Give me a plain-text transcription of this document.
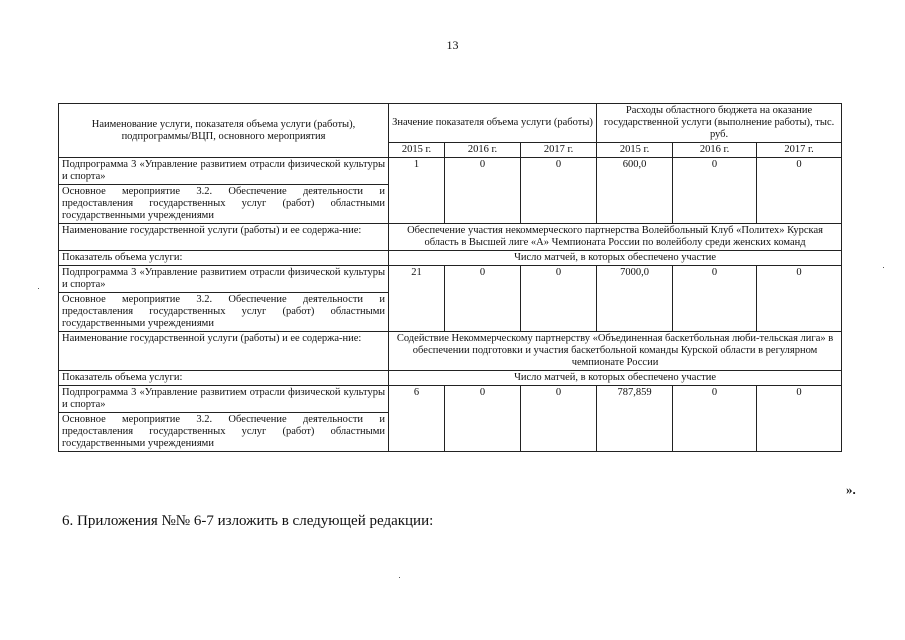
13
Наименование услуги, показателя объема услуги (работы), подпрограммы/ВЦП, основного мероприятия	Значение показателя объема услуги (работы)			Расходы областного бюджета на оказание государственной услуги (выполнение работы), тыс. руб.		
	2015 г.	2016 г.	2017 г.	2015 г.	2016 г.	2017 г.
Подпрограмма 3 «Управление развитием отрасли физической культуры и спорта»	1	0	0	600,0	0	0
Основное мероприятие 3.2. Обеспечение деятельности и предоставления государственных услуг (работ) областными государственными учреждениями						
Наименование государственной услуги (работы) и ее содержа-ние:	Обеспечение участия некоммерческого партнерства Волейбольный Клуб «Политех» Курская область в Высшей лиге «А» Чемпионата России по волейболу среди женских команд					
Показатель объема услуги:	Число матчей, в которых обеспечено участие					
Подпрограмма 3 «Управление развитием отрасли физической культуры и спорта»	21	0	0	7000,0	0	0
Основное мероприятие 3.2. Обеспечение деятельности и предоставления государственных услуг (работ) областными государственными учреждениями						
Наименование государственной услуги (работы) и ее содержа-ние:	Содействие Некоммерческому партнерству «Объединенная баскетбольная люби-тельская лига» в обеспечении подготовки и участия баскетбольной команды Курской области в регулярном чемпионате России					
Показатель объема услуги:	Число матчей, в которых обеспечено участие					
Подпрограмма 3 «Управление развитием отрасли физической культуры и спорта»	6	0	0	787,859	0	0
Основное мероприятие 3.2. Обеспечение деятельности и предоставления государственных услуг (работ) областными государственными учреждениями						
».
6. Приложения №№ 6-7 изложить в следующей редакции:
